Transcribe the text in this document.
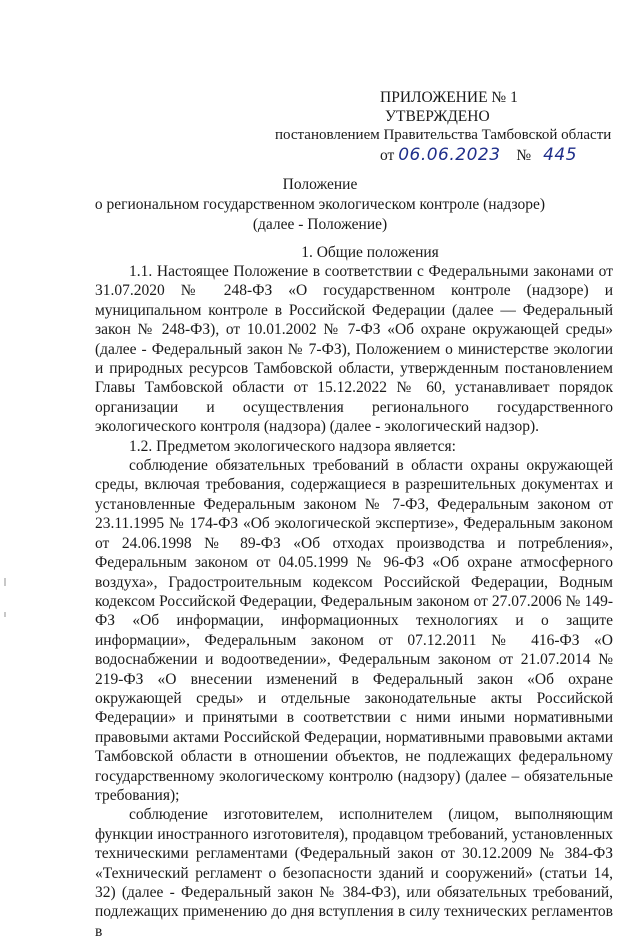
ПРИЛОЖЕНИЕ № 1
УТВЕРЖДЕНО
постановлением Правительства Тамбовской области
от 06.06.2023 № 445
Положение
о региональном государственном экологическом контроле (надзоре)
(далее - Положение)
1. Общие положения

1.1. Настоящее Положение в соответствии с Федеральными законами от 31.07.2020 № 248-ФЗ «О государственном контроле (надзоре) и муниципальном контроле в Российской Федерации (далее — Федеральный закон № 248-ФЗ), от 10.01.2002 № 7-ФЗ «Об охране окружающей среды» (далее - Федеральный закон № 7-ФЗ), Положением о министерстве экологии и природных ресурсов Тамбовской области, утвержденным постановлением Главы Тамбовской области от 15.12.2022 № 60, устанавливает порядок организации и осуществления регионального государственного экологического контроля (надзора) (далее - экологический надзор).

1.2. Предметом экологического надзора является:

соблюдение обязательных требований в области охраны окружающей среды, включая требования, содержащиеся в разрешительных документах и установленные Федеральным законом № 7-ФЗ, Федеральным законом от 23.11.1995 № 174-ФЗ «Об экологической экспертизе», Федеральным законом от 24.06.1998 № 89-ФЗ «Об отходах производства и потребления», Федеральным законом от 04.05.1999 № 96-ФЗ «Об охране атмосферного воздуха», Градостроительным кодексом Российской Федерации, Водным кодексом Российской Федерации, Федеральным законом от 27.07.2006 № 149-ФЗ «Об информации, информационных технологиях и о защите информации», Федеральным законом от 07.12.2011 № 416-ФЗ «О водоснабжении и водоотведении», Федеральным законом от 21.07.2014 № 219-ФЗ «О внесении изменений в Федеральный закон «Об охране окружающей среды» и отдельные законодательные акты Российской Федерации» и принятыми в соответствии с ними иными нормативными правовыми актами Российской Федерации, нормативными правовыми актами Тамбовской области в отношении объектов, не подлежащих федеральному государственному экологическому контролю (надзору) (далее – обязательные требования);

соблюдение изготовителем, исполнителем (лицом, выполняющим функции иностранного изготовителя), продавцом требований, установленных техническими регламентами (Федеральный закон от 30.12.2009 № 384-ФЗ «Технический регламент о безопасности зданий и сооружений» (статьи 14, 32) (далее - Федеральный закон № 384-ФЗ), или обязательных требований, подлежащих применению до дня вступления в силу технических регламентов в
